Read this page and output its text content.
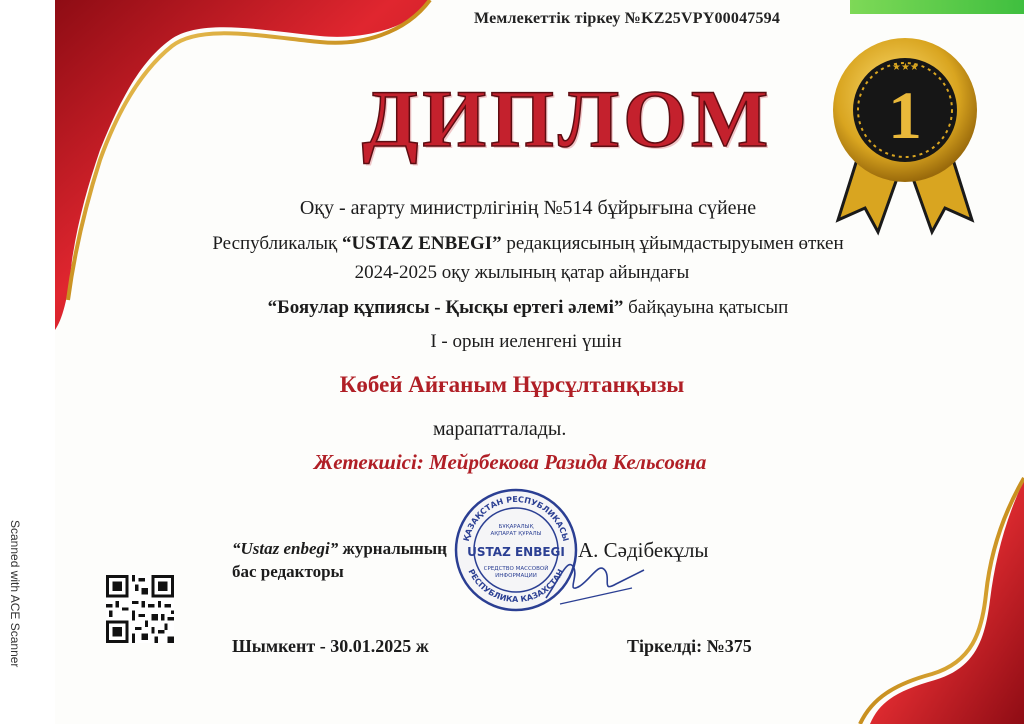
★★★
1
Scanned with ACE Scanner
Мемлекеттік тіркеу №KZ25VPY00047594
ДИПЛОМ
Оқу - ағарту министрлігінің №514 бұйрығына сүйене
Республикалық “USTAZ ENBEGI” редакциясының ұйымдастыруымен өткен
2024-2025 оқу жылының қатар айындағы
“Бояулар құпиясы - Қысқы ертегі әлемі” байқауына қатысып
I - орын иеленгені үшін
Көбей Айғаным Нұрсұлтанқызы
марапатталады.
Жетекшісі: Мейрбекова Разида Кельсовна
“Ustaz enbegi” журналының
бас редакторы
ҚАЗАҚСТАН РЕСПУБЛИКАСЫ
РЕСПУБЛИКА КАЗАХСТАН
БҰҚАРАЛЫҚ
АҚПАРАТ ҚҰРАЛЫ
USTAZ ENBEGI
СРЕДСТВО МАССОВОЙ
ИНФОРМАЦИИ
А. Сәдібекұлы
Шымкент - 30.01.2025 ж	Тіркелді: №375
